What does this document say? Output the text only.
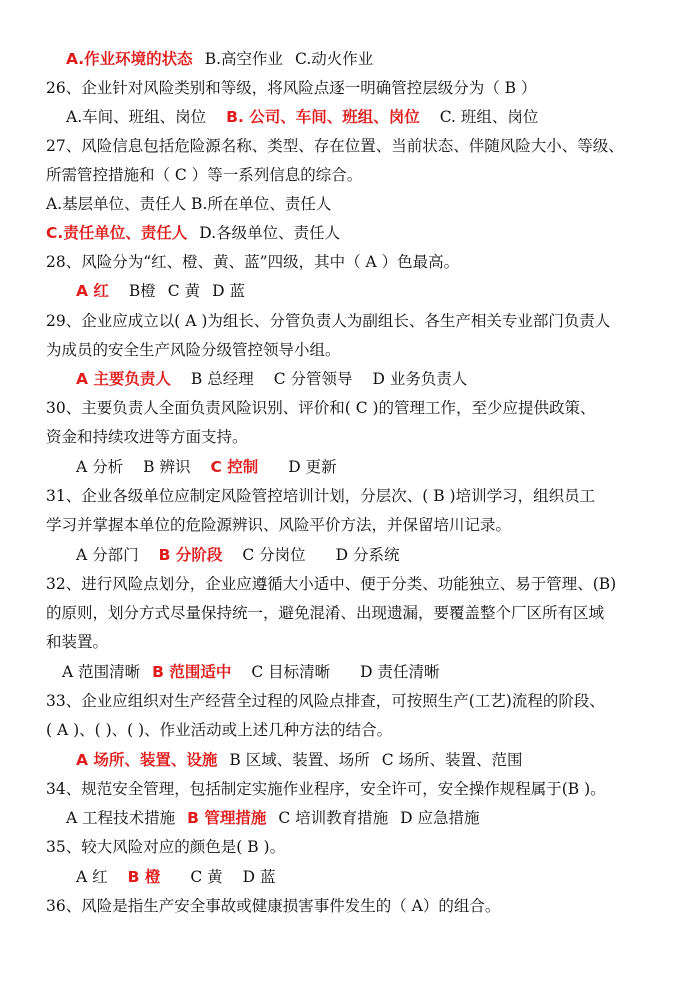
A.作业环境的状态 B.高空作业 C.动火作业
26、企业针对风险类别和等级，将风险点逐一明确管控层级分为（ B ）
A.车间、班组、岗位 B. 公司、车间、班组、岗位 C. 班组、岗位
27、风险信息包括危险源名称、类型、存在位置、当前状态、伴随风险大小、等级、
所需管控措施和（ C ）等一系列信息的综合。
A.基层单位、责任人 B.所在单位、责任人
C.责任单位、责任人 D.各级单位、责任人
28、风险分为“红、橙、黄、蓝”四级，其中（ A ）色最高。
A 红 B橙 C 黄 D 蓝
29、企业应成立以( A )为组长、分管负责人为副组长、各生产相关专业部门负责人
为成员的安全生产风险分级管控领导小组。
A 主要负责人 B 总经理 C 分管领导 D 业务负责人
30、主要负责人全面负责风险识别、评价和( C )的管理工作，至少应提供政策、
资金和持续攻进等方面支持。
A 分析 B 辨识 C 控制 D 更新
31、企业各级单位应制定风险管控培训计划，分层次、( B )培训学习，组织员工
学习并掌握本单位的危险源辨识、风险平价方法，并保留培川记录。
A 分部门 B 分阶段 C 分岗位 D 分系统
32、进行风险点划分，企业应遵循大小适中、便于分类、功能独立、易于管理、(B)
的原则，划分方式尽量保持统一，避免混淆、出现遗漏，要覆盖整个厂区所有区域
和装置。
A 范围清晰 B 范围适中 C 目标清晰 D 责任清晰
33、企业应组织对生产经营全过程的风险点排查，可按照生产(工艺)流程的阶段、
( A )、( )、( )、作业活动或上述几种方法的结合。
A 场所、装置、设施 B 区域、装置、场所 C 场所、装置、范围
34、规范安全管理，包括制定实施作业程序，安全许可，安全操作规程属于(B )。
A 工程技术措施 B 管理措施 C 培训教育措施 D 应急措施
35、较大风险对应的颜色是( B )。
A 红 B 橙 C 黄 D 蓝
36、风险是指生产安全事故或健康损害事件发生的（ A）的组合。
